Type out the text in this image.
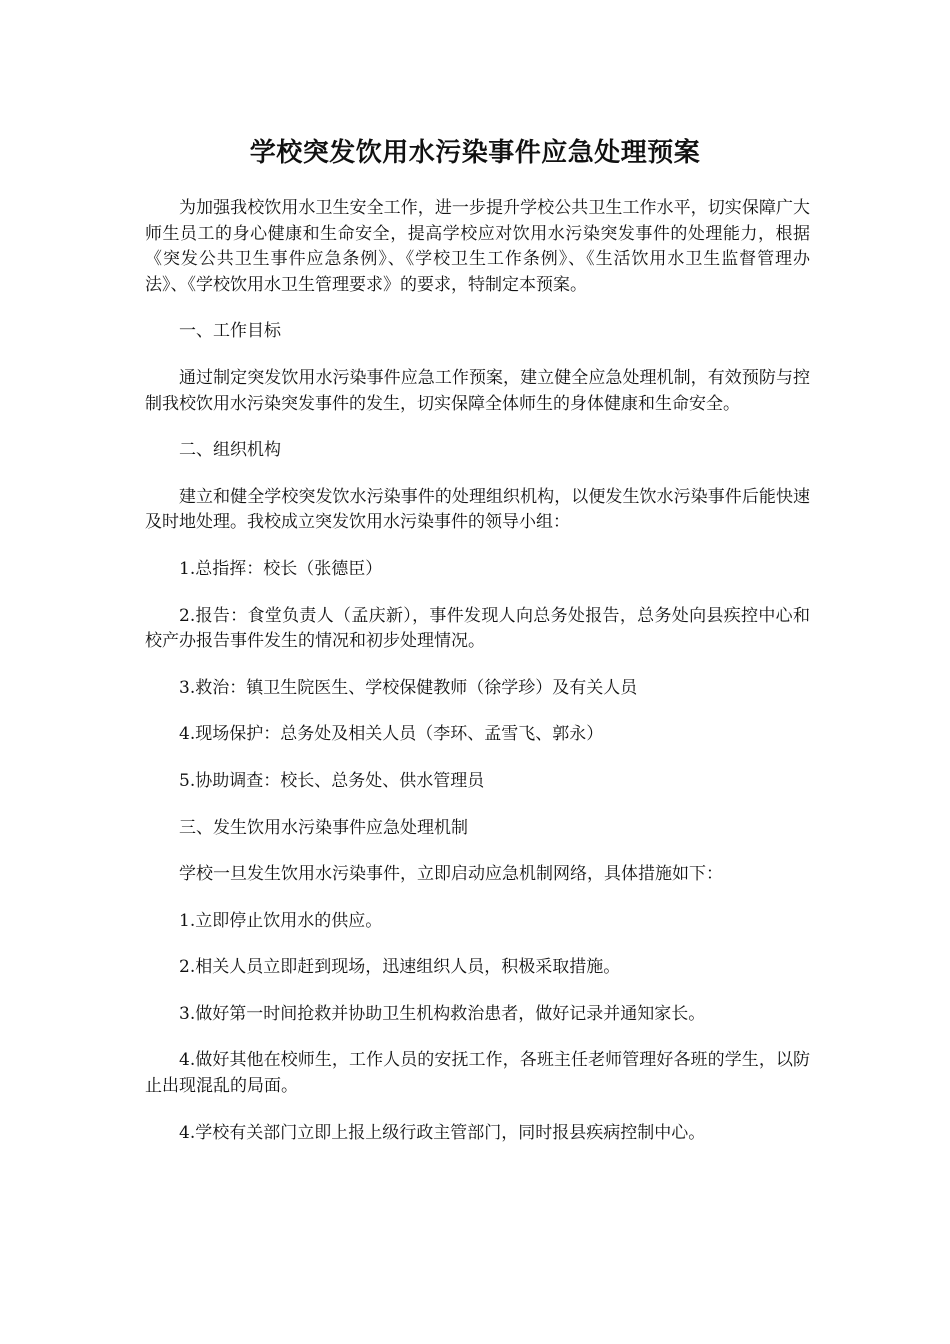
学校突发饮用水污染事件应急处理预案

为加强我校饮用水卫生安全工作，进一步提升学校公共卫生工作水平，切实保障广大师生员工的身心健康和生命安全，提高学校应对饮用水污染突发事件的处理能力，根据《突发公共卫生事件应急条例》、《学校卫生工作条例》、《生活饮用水卫生监督管理办法》、《学校饮用水卫生管理要求》的要求，特制定本预案。

一、工作目标

通过制定突发饮用水污染事件应急工作预案，建立健全应急处理机制，有效预防与控制我校饮用水污染突发事件的发生，切实保障全体师生的身体健康和生命安全。

二、组织机构

建立和健全学校突发饮水污染事件的处理组织机构，以便发生饮水污染事件后能快速及时地处理。我校成立突发饮用水污染事件的领导小组：

1.总指挥：校长（张德臣）

2.报告：食堂负责人（孟庆新），事件发现人向总务处报告，总务处向县疾控中心和校产办报告事件发生的情况和初步处理情况。

3.救治：镇卫生院医生、学校保健教师（徐学珍）及有关人员

4.现场保护：总务处及相关人员（李环、孟雪飞、郭永）

5.协助调查：校长、总务处、供水管理员

三、发生饮用水污染事件应急处理机制

学校一旦发生饮用水污染事件，立即启动应急机制网络，具体措施如下：

1.立即停止饮用水的供应。

2.相关人员立即赶到现场，迅速组织人员，积极采取措施。

3.做好第一时间抢救并协助卫生机构救治患者，做好记录并通知家长。

4.做好其他在校师生，工作人员的安抚工作，各班主任老师管理好各班的学生，以防止出现混乱的局面。

4.学校有关部门立即上报上级行政主管部门，同时报县疾病控制中心。
